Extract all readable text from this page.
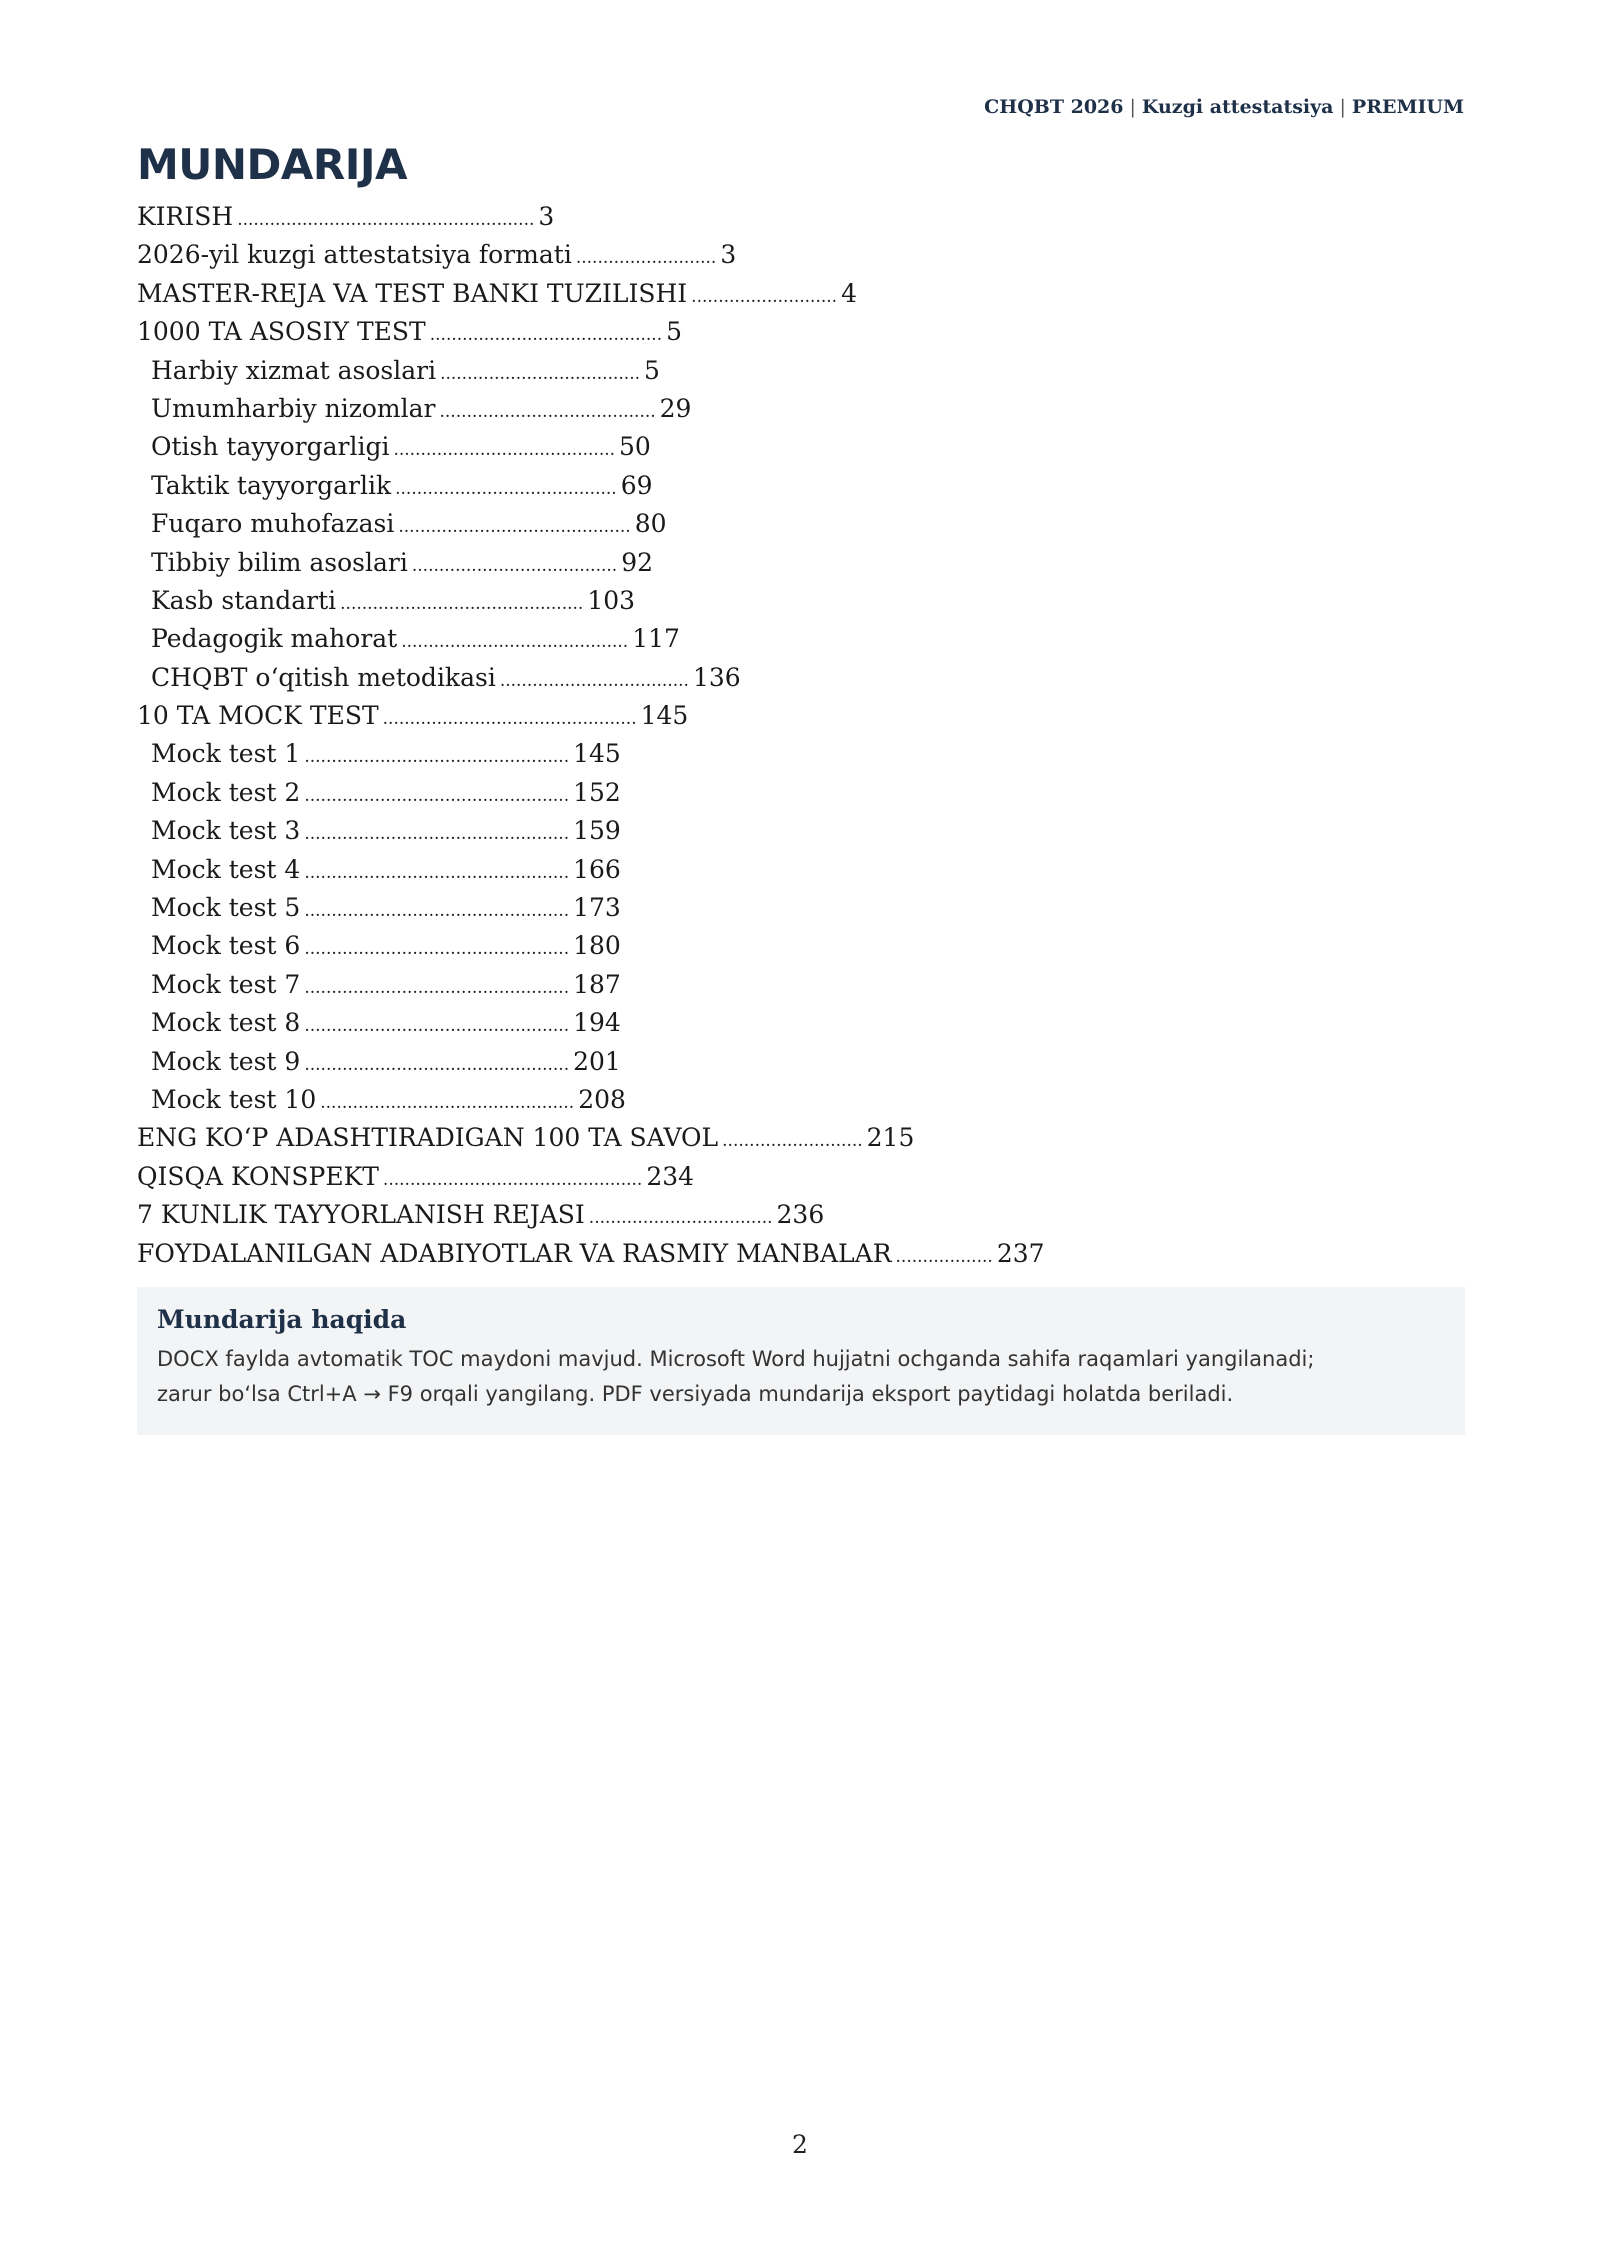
CHQBT 2026 | Kuzgi attestatsiya | PREMIUM
MUNDARIJA
KIRISH ....................................................... 3
2026-yil kuzgi attestatsiya formati .......................... 3
MASTER-REJA VA TEST BANKI TUZILISHI ........................... 4
1000 TA ASOSIY TEST ........................................... 5
Harbiy xizmat asoslari ..................................... 5
Umumharbiy nizomlar ........................................ 29
Otish tayyorgarligi ......................................... 50
Taktik tayyorgarlik ......................................... 69
Fuqaro muhofazasi ........................................... 80
Tibbiy bilim asoslari ...................................... 92
Kasb standarti ............................................. 103
Pedagogik mahorat .......................................... 117
CHQBT o‘qitish metodikasi ................................... 136
10 TA MOCK TEST ............................................... 145
Mock test 1 ................................................. 145
Mock test 2 ................................................. 152
Mock test 3 ................................................. 159
Mock test 4 ................................................. 166
Mock test 5 ................................................. 173
Mock test 6 ................................................. 180
Mock test 7 ................................................. 187
Mock test 8 ................................................. 194
Mock test 9 ................................................. 201
Mock test 10 ............................................... 208
ENG KO‘P ADASHTIRADIGAN 100 TA SAVOL .......................... 215
QISQA KONSPEKT ................................................ 234
7 KUNLIK TAYYORLANISH REJASI .................................. 236
FOYDALANILGAN ADABIYOTLAR VA RASMIY MANBALAR .................. 237
Mundarija haqida
DOCX faylda avtomatik TOC maydoni mavjud. Microsoft Word hujjatni ochganda sahifa raqamlari yangilanadi;
zarur bo‘lsa Ctrl+A → F9 orqali yangilang. PDF versiyada mundarija eksport paytidagi holatda beriladi.
2
